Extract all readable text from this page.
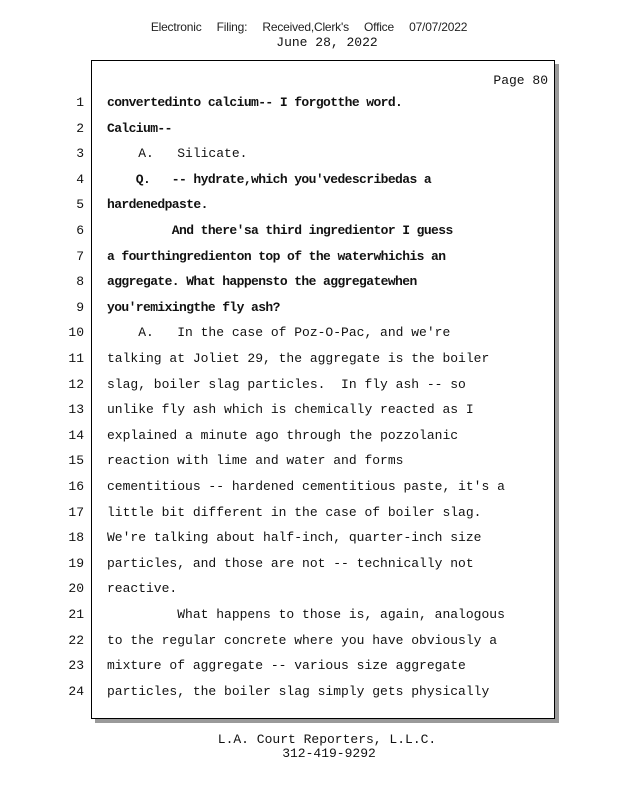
Electronic Filing: Received,Clerk's Office 07/07/2022
June 28, 2022
Page 80
1 convertedinto calcium-- I forgotthe word.
2 Calcium--
3 A.   Silicate.
4 Q.   -- hydrate,which you'vedescribedas a
5 hardenedpaste.
6 And there'sa third ingredientor I guess
7 a fourthingredienton top of the waterwhichis an
8 aggregate. What happensto the aggregatewhen
9 you'remixingthe fly ash?
10 A.   In the case of Poz-O-Pac, and we're
11 talking at Joliet 29, the aggregate is the boiler
12 slag, boiler slag particles.  In fly ash -- so
13 unlike fly ash which is chemically reacted as I
14 explained a minute ago through the pozzolanic
15 reaction with lime and water and forms
16 cementitious -- hardened cementitious paste, it's a
17 little bit different in the case of boiler slag.
18 We're talking about half-inch, quarter-inch size
19 particles, and those are not -- technically not
20 reactive.
21 What happens to those is, again, analogous
22 to the regular concrete where you have obviously a
23 mixture of aggregate -- various size aggregate
24 particles, the boiler slag simply gets physically
L.A. Court Reporters, L.L.C.
312-419-9292
